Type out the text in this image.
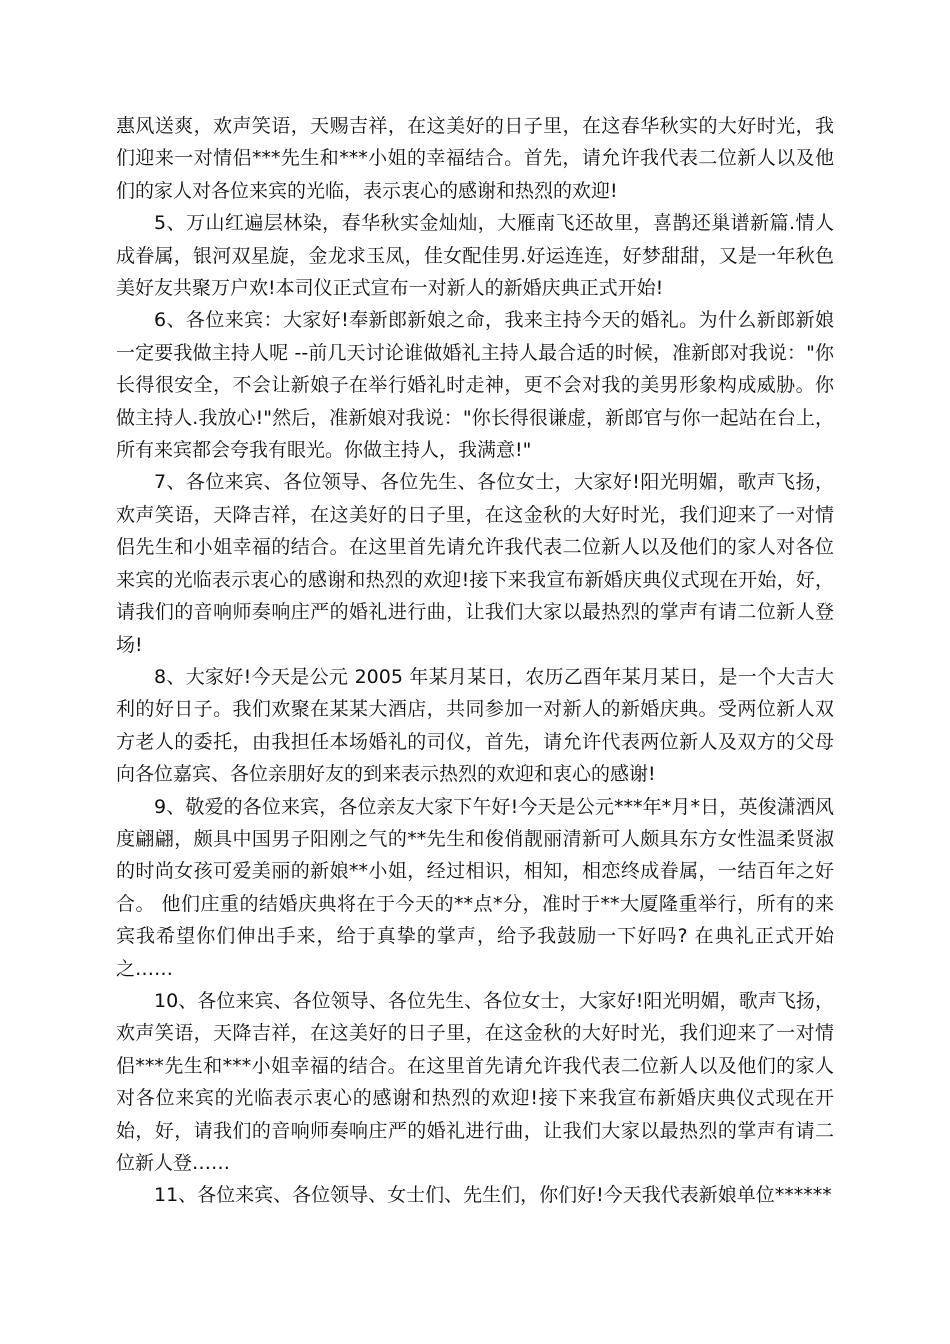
惠风送爽，欢声笑语，天赐吉祥，在这美好的日子里，在这春华秋实的大好时光，我们迎来一对情侣***先生和***小姐的幸福结合。首先，请允许我代表二位新人以及他们的家人对各位来宾的光临，表示衷心的感谢和热烈的欢迎!

5、万山红遍层林染，春华秋实金灿灿，大雁南飞还故里，喜鹊还巢谱新篇.情人成眷属，银河双星旋，金龙求玉凤，佳女配佳男.好运连连，好梦甜甜，又是一年秋色美好友共聚万户欢!本司仪正式宣布一对新人的新婚庆典正式开始!

6、各位来宾：大家好!奉新郎新娘之命，我来主持今天的婚礼。为什么新郎新娘一定要我做主持人呢 --前几天讨论谁做婚礼主持人最合适的时候，准新郎对我说："你长得很安全，不会让新娘子在举行婚礼时走神，更不会对我的美男形象构成威胁。你做主持人.我放心!"然后，准新娘对我说："你长得很谦虚，新郎官与你一起站在台上，所有来宾都会夸我有眼光。你做主持人，我满意!"

7、各位来宾、各位领导、各位先生、各位女士，大家好!阳光明媚，歌声飞扬，欢声笑语，天降吉祥，在这美好的日子里，在这金秋的大好时光，我们迎来了一对情侣先生和小姐幸福的结合。在这里首先请允许我代表二位新人以及他们的家人对各位来宾的光临表示衷心的感谢和热烈的欢迎!接下来我宣布新婚庆典仪式现在开始，好，请我们的音响师奏响庄严的婚礼进行曲，让我们大家以最热烈的掌声有请二位新人登场!

8、大家好!今天是公元 2005 年某月某日，农历乙酉年某月某日，是一个大吉大利的好日子。我们欢聚在某某大酒店，共同参加一对新人的新婚庆典。受两位新人双方老人的委托，由我担任本场婚礼的司仪，首先，请允许代表两位新人及双方的父母向各位嘉宾、各位亲朋好友的到来表示热烈的欢迎和衷心的感谢!

9、敬爱的各位来宾，各位亲友大家下午好!今天是公元***年*月*日，英俊潇洒风度翩翩，颇具中国男子阳刚之气的**先生和俊俏靓丽清新可人颇具东方女性温柔贤淑的时尚女孩可爱美丽的新娘**小姐，经过相识，相知，相恋终成眷属，一结百年之好合。 他们庄重的结婚庆典将在于今天的**点*分，准时于**大厦隆重举行，所有的来宾我希望你们伸出手来，给于真挚的掌声，给予我鼓励一下好吗? 在典礼正式开始之……

10、各位来宾、各位领导、各位先生、各位女士，大家好!阳光明媚，歌声飞扬，欢声笑语，天降吉祥，在这美好的日子里，在这金秋的大好时光，我们迎来了一对情侣***先生和***小姐幸福的结合。在这里首先请允许我代表二位新人以及他们的家人对各位来宾的光临表示衷心的感谢和热烈的欢迎!接下来我宣布新婚庆典仪式现在开始，好，请我们的音响师奏响庄严的婚礼进行曲，让我们大家以最热烈的掌声有请二位新人登……

11、各位来宾、各位领导、女士们、先生们，你们好!今天我代表新娘单位******
